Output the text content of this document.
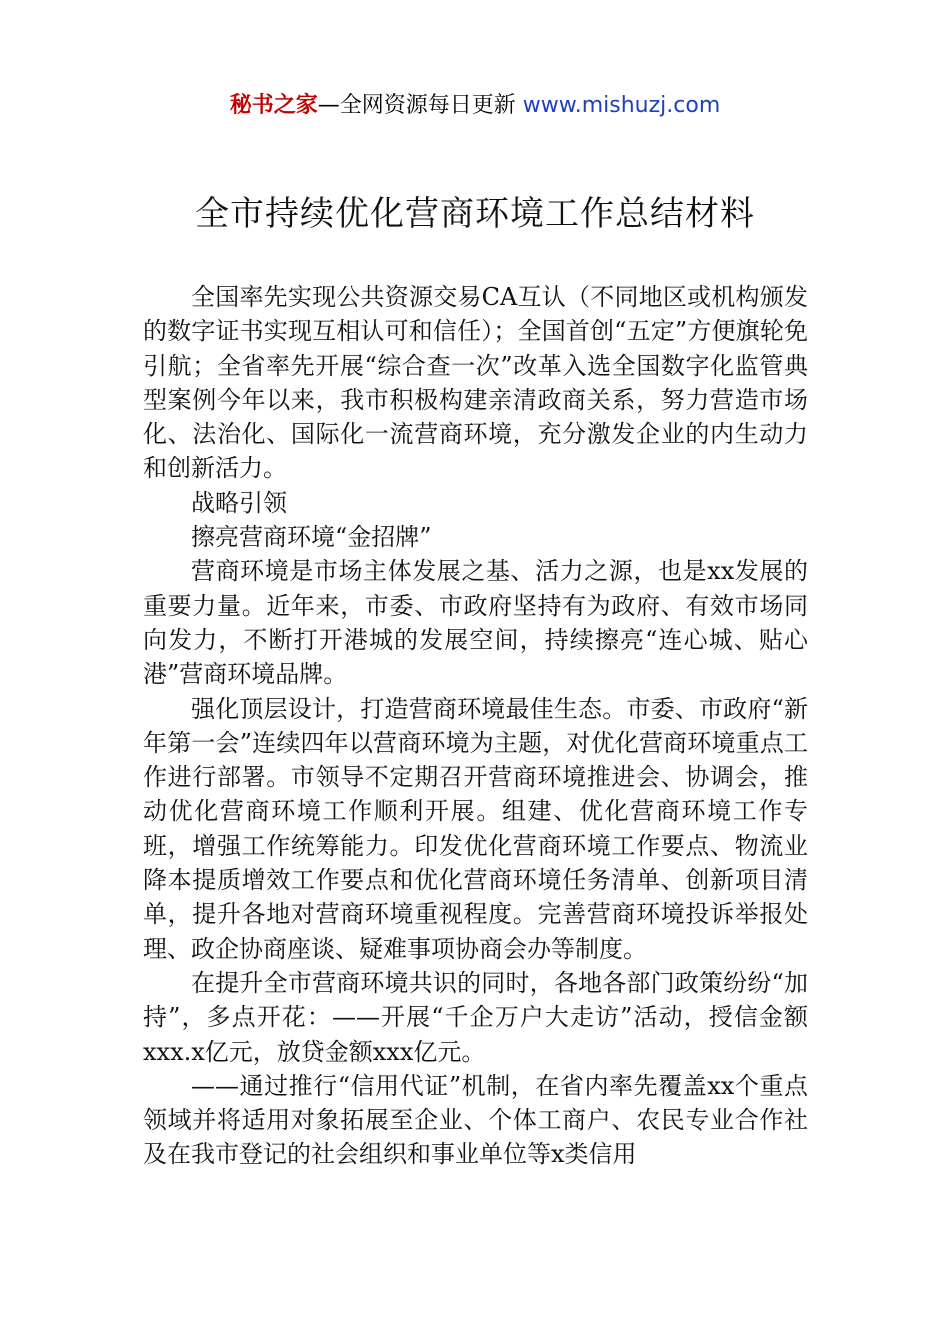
秘书之家—全网资源每日更新 www.mishuzj.com
全市持续优化营商环境工作总结材料

全国率先实现公共资源交易CA互认（不同地区或机构颁发的数字证书实现互相认可和信任）；全国首创“五定”方便旗轮免引航；全省率先开展“综合查一次”改革入选全国数字化监管典型案例今年以来，我市积极构建亲清政商关系，努力营造市场化、法治化、国际化一流营商环境，充分激发企业的内生动力和创新活力。

战略引领

擦亮营商环境“金招牌”

营商环境是市场主体发展之基、活力之源，也是xx发展的重要力量。近年来，市委、市政府坚持有为政府、有效市场同向发力，不断打开港城的发展空间，持续擦亮“连心城、贴心港”营商环境品牌。

强化顶层设计，打造营商环境最佳生态。市委、市政府“新年第一会”连续四年以营商环境为主题，对优化营商环境重点工作进行部署。市领导不定期召开营商环境推进会、协调会，推动优化营商环境工作顺利开展。组建、优化营商环境工作专班，增强工作统筹能力。印发优化营商环境工作要点、物流业降本提质增效工作要点和优化营商环境任务清单、创新项目清单，提升各地对营商环境重视程度。完善营商环境投诉举报处理、政企协商座谈、疑难事项协商会办等制度。

在提升全市营商环境共识的同时，各地各部门政策纷纷“加持”，多点开花：——开展“千企万户大走访”活动，授信金额xxx.x亿元，放贷金额xxx亿元。

——通过推行“信用代证”机制，在省内率先覆盖xx个重点领域并将适用对象拓展至企业、个体工商户、农民专业合作社及在我市登记的社会组织和事业单位等x类信用
